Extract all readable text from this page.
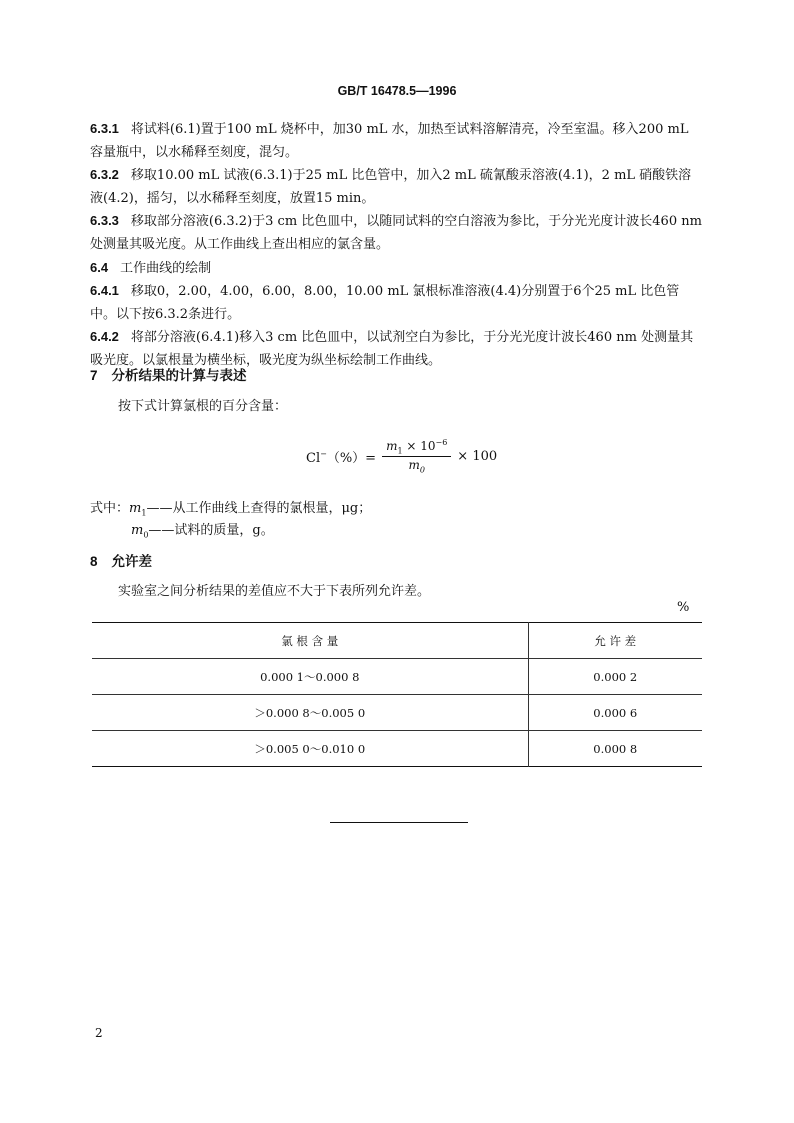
GB/T 16478.5—1996

6.3.1 将试料(6.1)置于100 mL 烧杯中，加30 mL 水，加热至试料溶解清亮，冷至室温。移入200 mL 容量瓶中，以水稀释至刻度，混匀。

6.3.2 移取10.00 mL 试液(6.3.1)于25 mL 比色管中，加入2 mL 硫氰酸汞溶液(4.1)，2 mL 硝酸铁溶液(4.2)，摇匀，以水稀释至刻度，放置15 min。

6.3.3 移取部分溶液(6.3.2)于3 cm 比色皿中，以随同试料的空白溶液为参比，于分光光度计波长460 nm 处测量其吸光度。从工作曲线上查出相应的氯含量。

6.4 工作曲线的绘制

6.4.1 移取0，2.00，4.00，6.00，8.00，10.00 mL 氯根标准溶液(4.4)分别置于6个25 mL 比色管中。以下按6.3.2条进行。

6.4.2 将部分溶液(6.4.1)移入3 cm 比色皿中，以试剂空白为参比，于分光光度计波长460 nm 处测量其吸光度。以氯根量为横坐标，吸光度为纵坐标绘制工作曲线。

7 分析结果的计算与表述
按下式计算氯根的百分含量：
$Cl^-(\%)= \frac{m_1 \times 10^{-6}}{m_0} \times 100$
式中：$m_1——$从工作曲线上查得的氯根量，μg；
$m_0——$试料的质量，g。
8 允许差
实验室之间分析结果的差值应不大于下表所列允许差。
%
氯 根 含 量	允 许 差
0.000 1～0.000 8	0.000 2
＞0.000 8～0.005 0	0.000 6
＞0.005 0～0.010 0	0.000 8
2
